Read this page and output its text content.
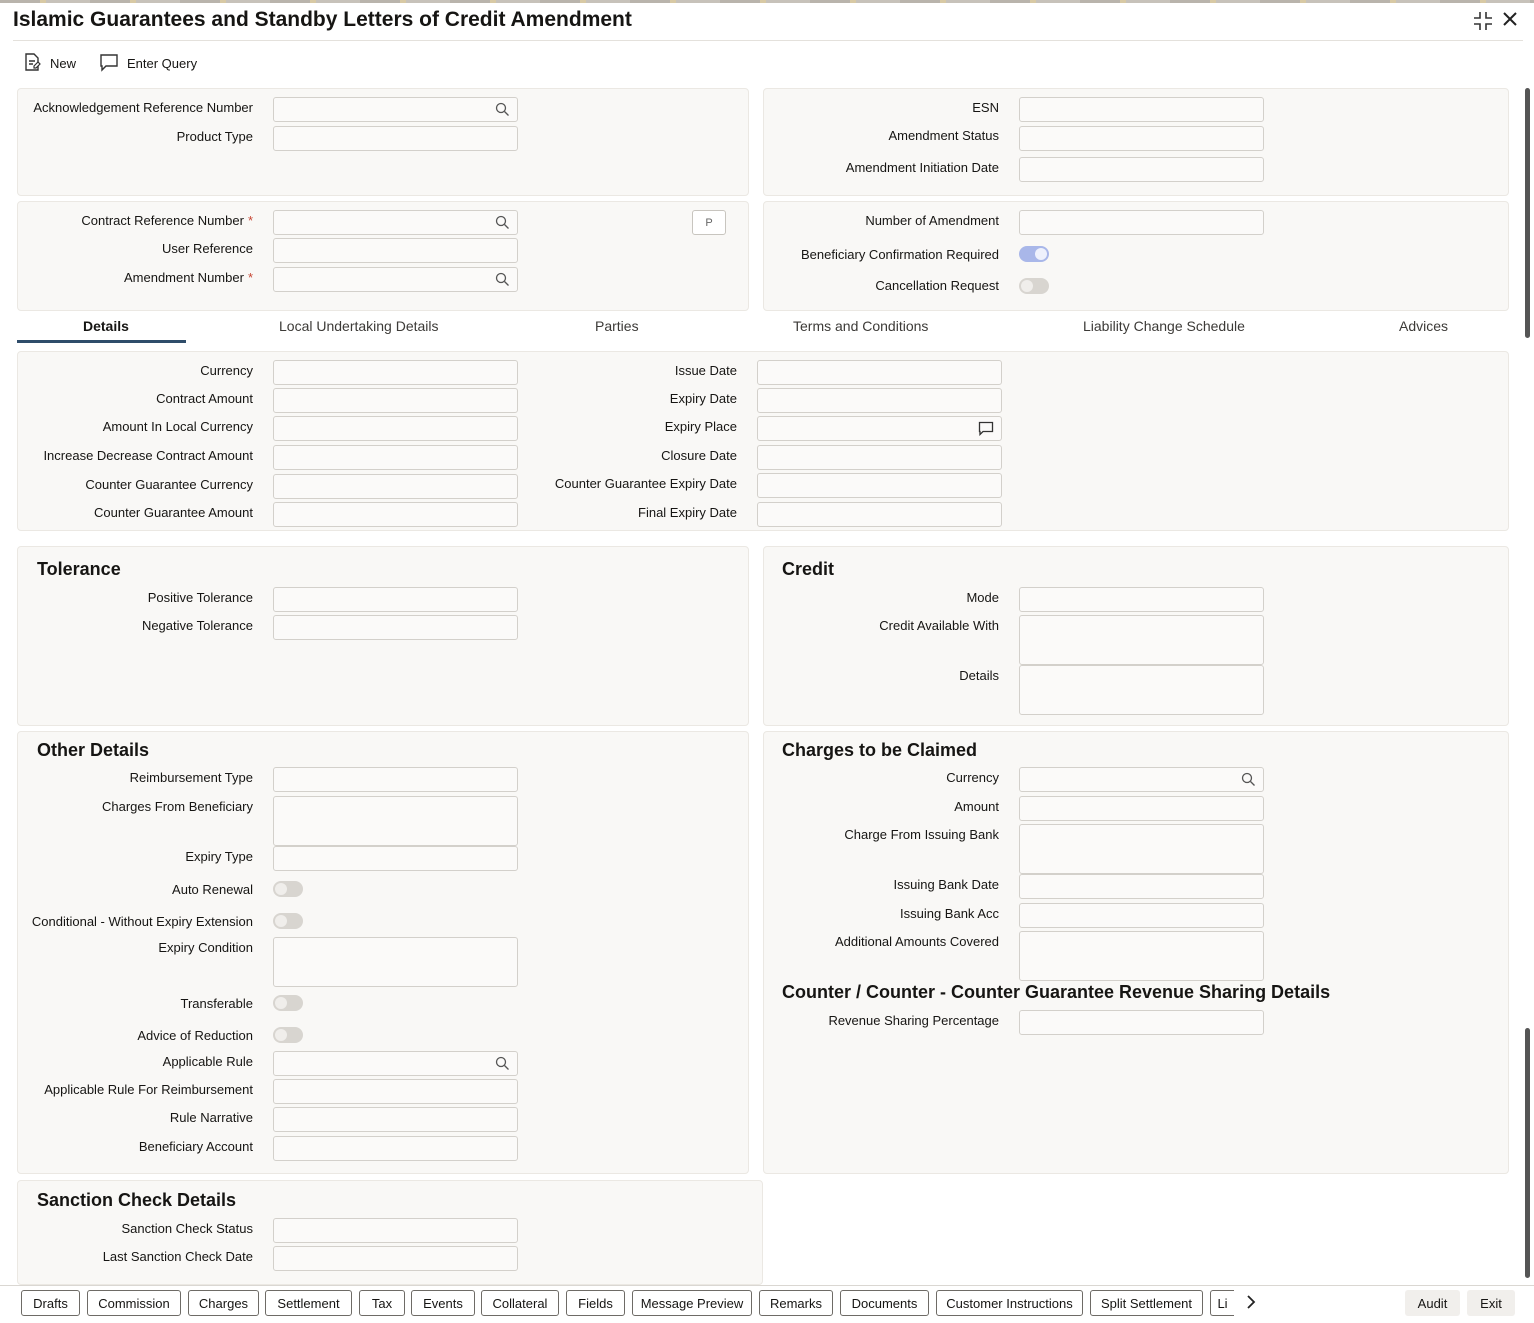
Islamic Guarantees and Standby Letters of Credit Amendment
New	Enter Query
Acknowledgement Reference Number
Product Type
ESN
Amendment Status
Amendment Initiation Date
Contract Reference Number *	P
User Reference
Amendment Number *
Number of Amendment
Beneficiary Confirmation Required
Cancellation Request
Details	Local Undertaking Details	Parties	Terms and Conditions	Liability Change Schedule	Advices
Currency
Contract Amount
Amount In Local Currency
Increase Decrease Contract Amount
Counter Guarantee Currency
Counter Guarantee Amount
Issue Date
Expiry Date
Expiry Place
Closure Date
Counter Guarantee Expiry Date
Final Expiry Date
Tolerance
Positive Tolerance
Negative Tolerance
Credit
Mode
Credit Available With
Details
Other Details
Reimbursement Type
Charges From Beneficiary
Expiry Type
Auto Renewal
Conditional - Without Expiry Extension
Expiry Condition
Transferable
Advice of Reduction
Applicable Rule
Applicable Rule For Reimbursement
Rule Narrative
Beneficiary Account
Charges to be Claimed
Currency
Amount
Charge From Issuing Bank
Issuing Bank Date
Issuing Bank Acc
Additional Amounts Covered
Counter / Counter - Counter Guarantee Revenue Sharing Details
Revenue Sharing Percentage
Sanction Check Details
Sanction Check Status
Last Sanction Check Date
Drafts	Commission	Charges	Settlement	Tax	Events	Collateral	Fields	Message Preview	Remarks	Documents	Customer Instructions	Split Settlement	Li	Audit	Exit
